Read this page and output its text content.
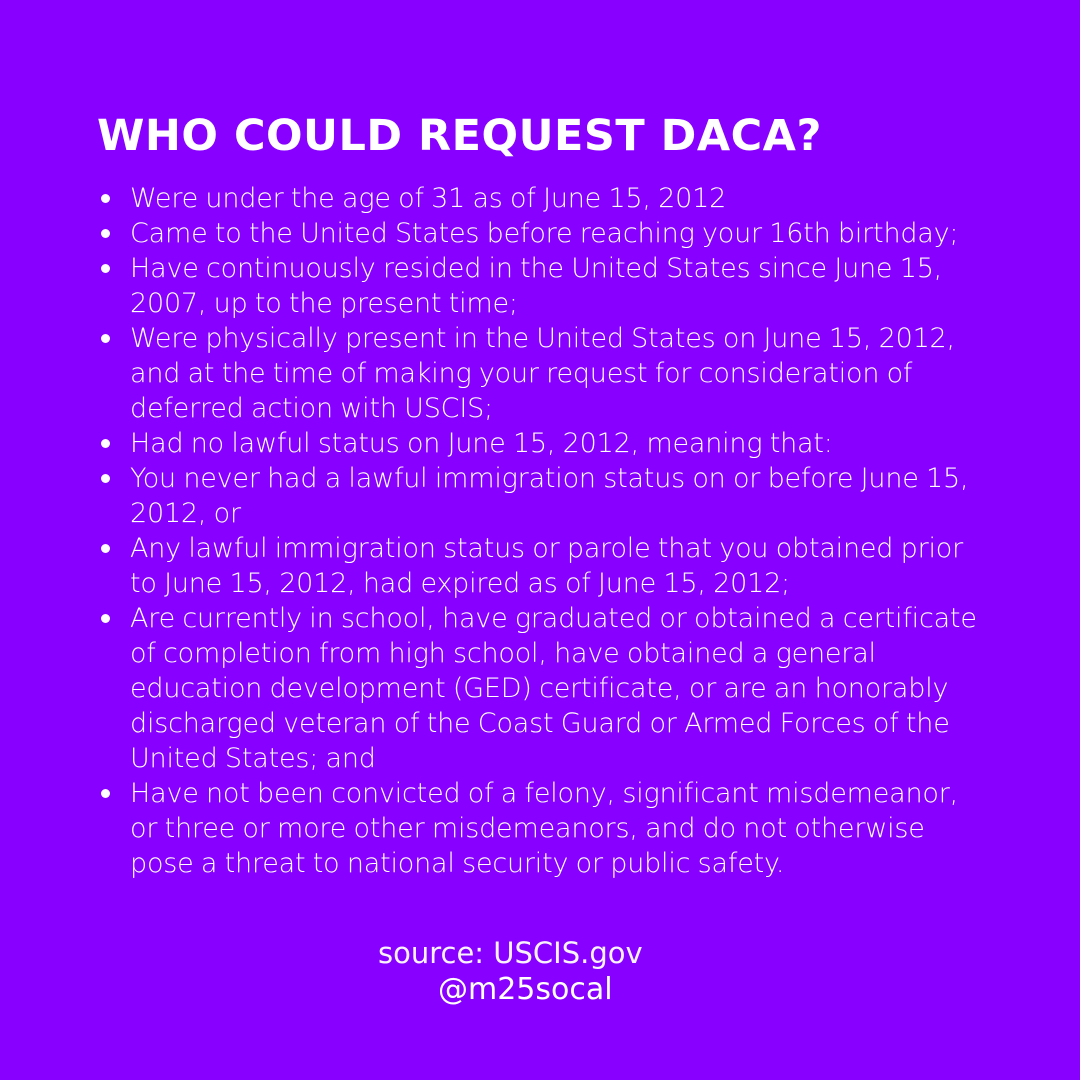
WHO COULD REQUEST DACA?
Were under the age of 31 as of June 15, 2012
Came to the United States before reaching your 16th birthday;
Have continuously resided in the United States since June 15, 2007, up to the present time;
Were physically present in the United States on June 15, 2012, and at the time of making your request for consideration of deferred action with USCIS;
Had no lawful status on June 15, 2012, meaning that:
You never had a lawful immigration status on or before June 15, 2012, or
Any lawful immigration status or parole that you obtained prior to June 15, 2012, had expired as of June 15, 2012;
Are currently in school, have graduated or obtained a certificate of completion from high school, have obtained a general education development (GED) certificate, or are an honorably discharged veteran of the Coast Guard or Armed Forces of the United States; and
Have not been convicted of a felony, significant misdemeanor, or three or more other misdemeanors, and do not otherwise pose a threat to national security or public safety.
source: USCIS.gov
@m25socal
